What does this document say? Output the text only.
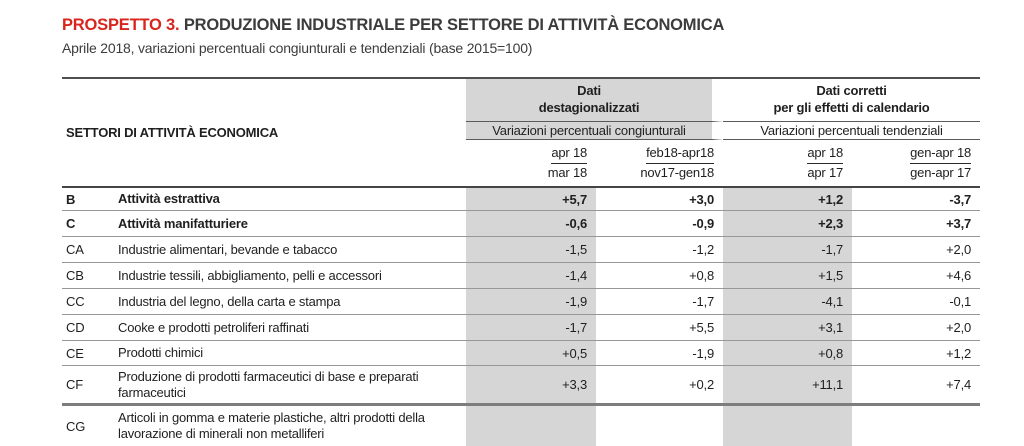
PROSPETTO 3. PRODUZIONE INDUSTRIALE PER SETTORE DI ATTIVITÀ ECONOMICA
Aprile 2018, variazioni percentuali congiunturali e tendenziali (base 2015=100)
SETTORI DI ATTIVITÀ ECONOMICA	
Dati
destagionalizzati

Dati corretti
per gli effetti di calendario

		Variazioni percentuali congiunturali		Variazioni percentuali tendenziali	

apr 18
mar 18

feb18-apr18
nov17-gen18

apr 18
apr 17

gen-apr 18
gen-apr 17

B	Attività estrattiva	+5,7	+3,0	+1,2	-3,7
C	Attività manifatturiere	-0,6	-0,9	+2,3	+3,7
CA	Industrie alimentari, bevande e tabacco	-1,5	-1,2	-1,7	+2,0
CB	Industrie tessili, abbigliamento, pelli e accessori	-1,4	+0,8	+1,5	+4,6
CC	Industria del legno, della carta e stampa	-1,9	-1,7	-4,1	-0,1
CD	Cooke e prodotti petroliferi raffinati	-1,7	+5,5	+3,1	+2,0
CE	Prodotti chimici	+0,5	-1,9	+0,8	+1,2
CF	Produzione di prodotti farmaceutici di base e preparati farmaceutici	+3,3	+0,2	+11,1	+7,4
CG	Articoli in gomma e materie plastiche, altri prodotti della lavorazione di minerali non metalliferi				
